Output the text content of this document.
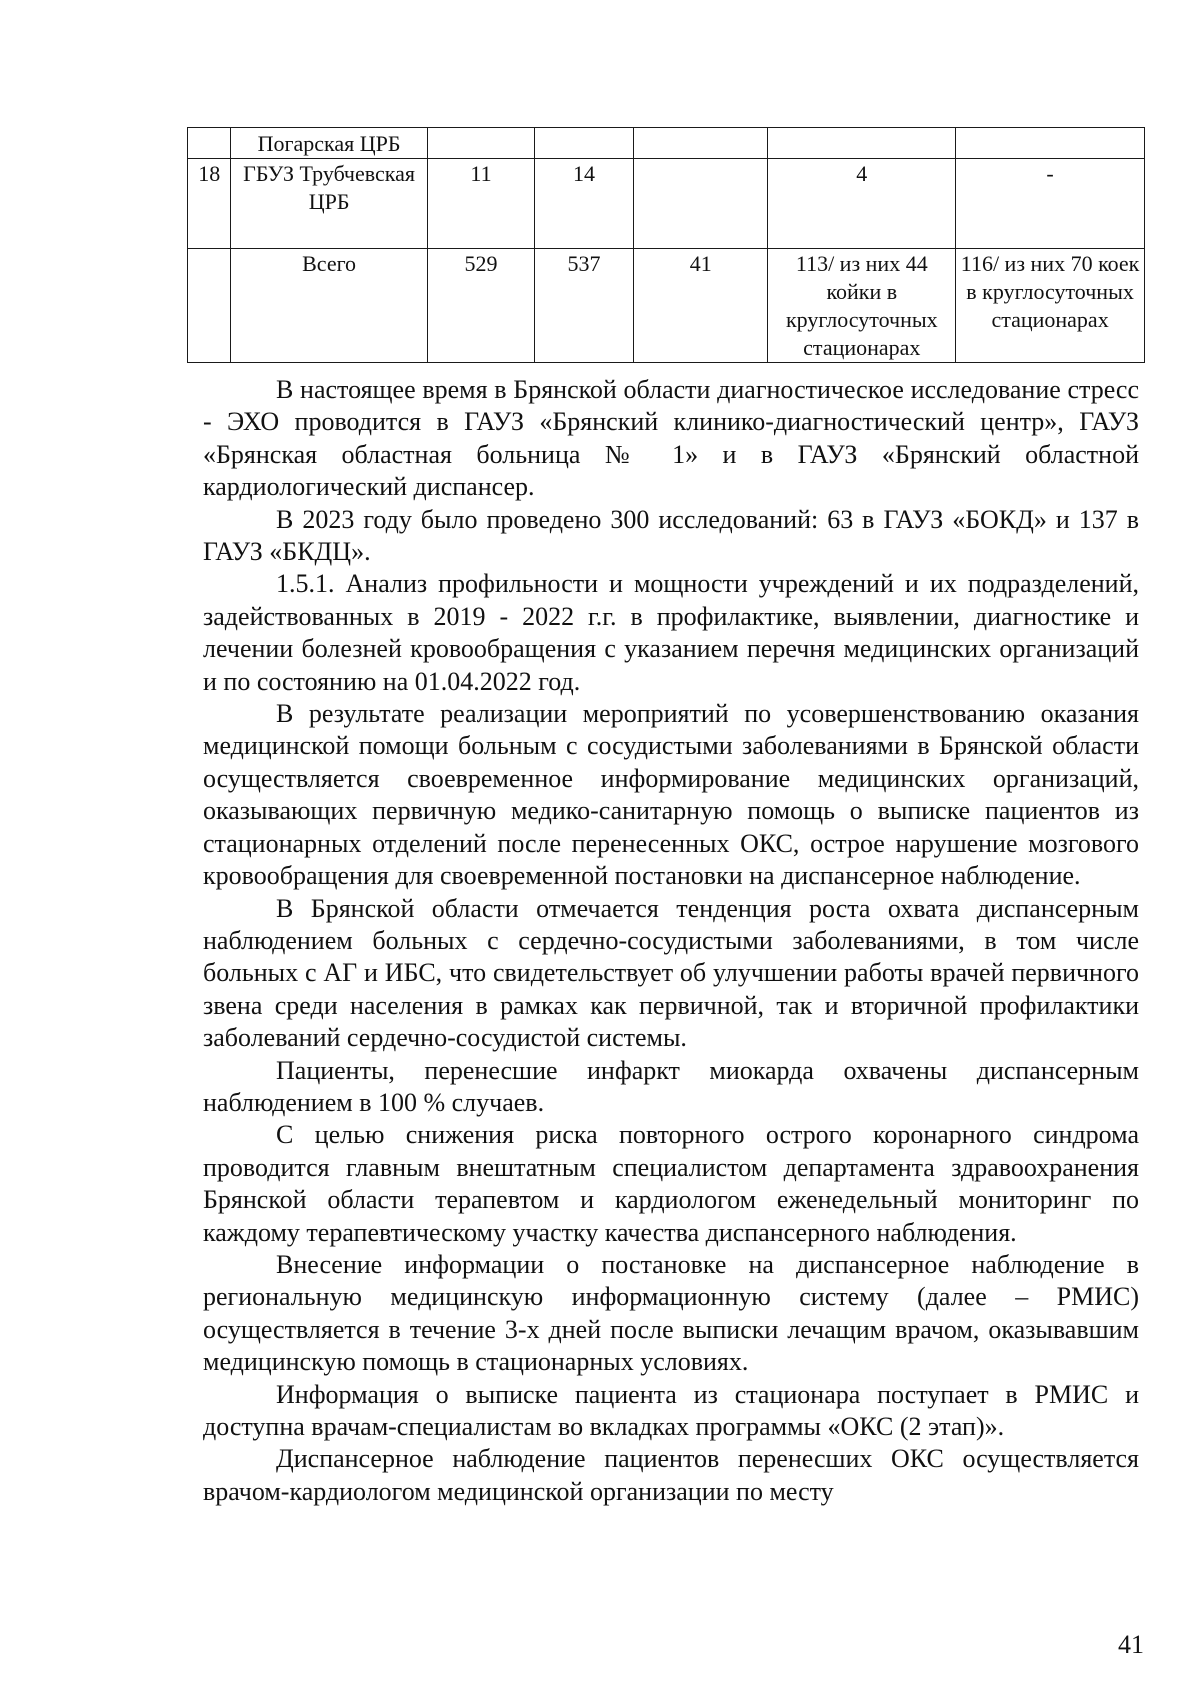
	Погарская ЦРБ					
18	ГБУЗ Трубчевская ЦРБ	11	14		4	-
	Всего	529	537	41	113/ из них 44 койки в круглосуточных стационарах	116/ из них 70 коек в круглосуточных стационарах

В настоящее время в Брянской области диагностическое исследование стресс - ЭХО проводится в ГАУЗ «Брянский клинико-диагностический центр», ГАУЗ «Брянская областная больница № 1» и в ГАУЗ «Брянский областной кардиологический диспансер.

В 2023 году было проведено 300 исследований: 63 в ГАУЗ «БОКД» и 137 в ГАУЗ «БКДЦ».

1.5.1. Анализ профильности и мощности учреждений и их подразделений, задействованных в 2019 - 2022 г.г. в профилактике, выявлении, диагностике и лечении болезней кровообращения с указанием перечня медицинских организаций и по состоянию на 01.04.2022 год.

В результате реализации мероприятий по усовершенствованию оказания медицинской помощи больным с сосудистыми заболеваниями в Брянской области осуществляется своевременное информирование медицинских организаций, оказывающих первичную медико-санитарную помощь о выписке пациентов из стационарных отделений после перенесенных ОКС, острое нарушение мозгового кровообращения для своевременной постановки на диспансерное наблюдение.

В Брянской области отмечается тенденция роста охвата диспансерным наблюдением больных с сердечно-сосудистыми заболеваниями, в том числе больных с АГ и ИБС, что свидетельствует об улучшении работы врачей первичного звена среди населения в рамках как первичной, так и вторичной профилактики заболеваний сердечно-сосудистой системы.

Пациенты, перенесшие инфаркт миокарда охвачены диспансерным наблюдением в 100 % случаев.

С целью снижения риска повторного острого коронарного синдрома проводится главным внештатным специалистом департамента здравоохранения Брянской области терапевтом и кардиологом еженедельный мониторинг по каждому терапевтическому участку качества диспансерного наблюдения.

Внесение информации о постановке на диспансерное наблюдение в региональную медицинскую информационную систему (далее – РМИС) осуществляется в течение 3-х дней после выписки лечащим врачом, оказывавшим медицинскую помощь в стационарных условиях.

Информация о выписке пациента из стационара поступает в РМИС и доступна врачам-специалистам во вкладках программы «ОКС (2 этап)».

Диспансерное наблюдение пациентов перенесших ОКС осуществляется врачом-кардиологом медицинской организации по месту

41
